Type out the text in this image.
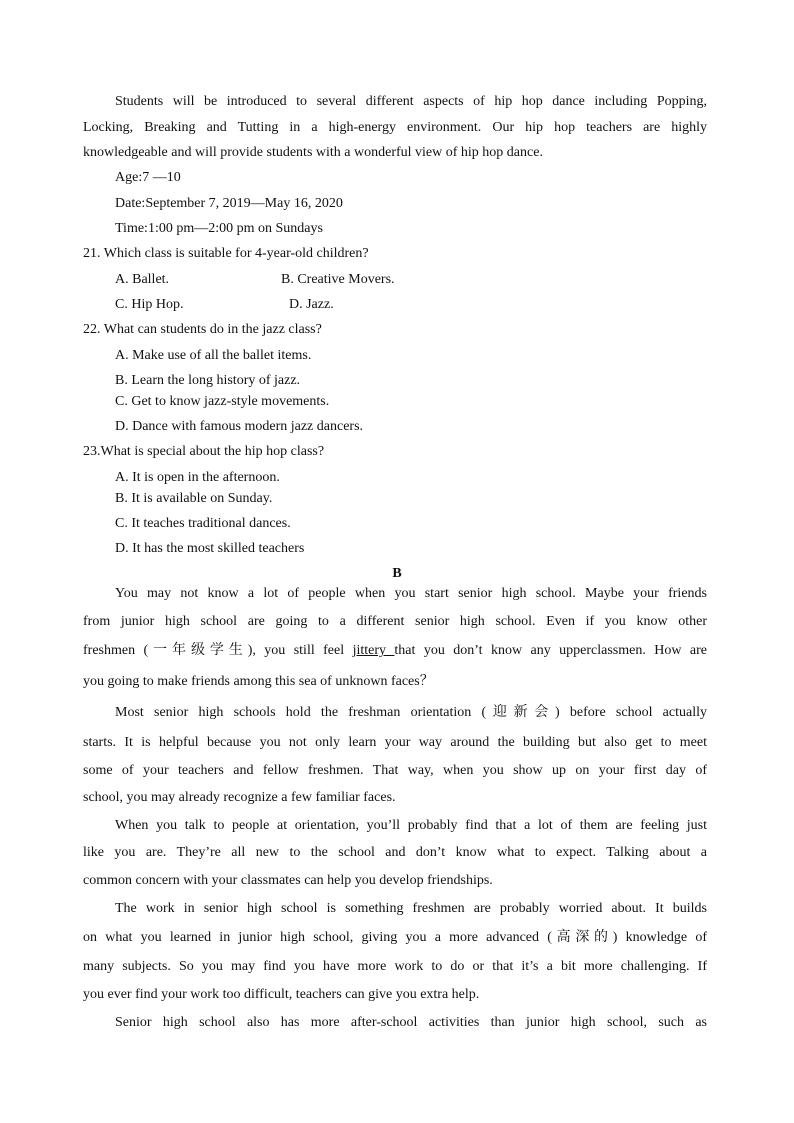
Students will be introduced to several different aspects of hip hop dance including Popping,
Locking, Breaking and Tutting in a high-energy environment. Our hip hop teachers are highly
knowledgeable and will provide students with a wonderful view of hip hop dance.
Age:7 —10
Date:September 7, 2019—May 16, 2020
Time:1:00 pm—2:00 pm on Sundays
21. Which class is suitable for 4-year-old children?
A. Ballet.	B. Creative Movers.
C. Hip Hop.	D. Jazz.
22. What can students do in the jazz class?
A. Make use of all the ballet items.
B. Learn the long history of jazz.
C. Get to know jazz-style movements.
D. Dance with famous modern jazz dancers.
23.What is special about the hip hop class?
A. It is open in the afternoon.
B. It is available on Sunday.
C. It teaches traditional dances.
D. It has the most skilled teachers
B
You may not know a lot of people when you start senior high school. Maybe your friends
from junior high school are going to a different senior high school. Even if you know other
freshmen (一年级学生), you still feel jittery that you don’t know any upperclassmen. How are
you going to make friends among this sea of unknown faces？
Most senior high schools hold the freshman orientation (迎新会) before school actually
starts. It is helpful because you not only learn your way around the building but also get to meet
some of your teachers and fellow freshmen. That way, when you show up on your first day of
school, you may already recognize a few familiar faces.
When you talk to people at orientation, you’ll probably find that a lot of them are feeling just
like you are. They’re all new to the school and don’t know what to expect. Talking about a
common concern with your classmates can help you develop friendships.
The work in senior high school is something freshmen are probably worried about. It builds
on what you learned in junior high school, giving you a more advanced (高深的) knowledge of
many subjects. So you may find you have more work to do or that it’s a bit more challenging. If
you ever find your work too difficult, teachers can give you extra help.
Senior high school also has more after-school activities than junior high school, such as
